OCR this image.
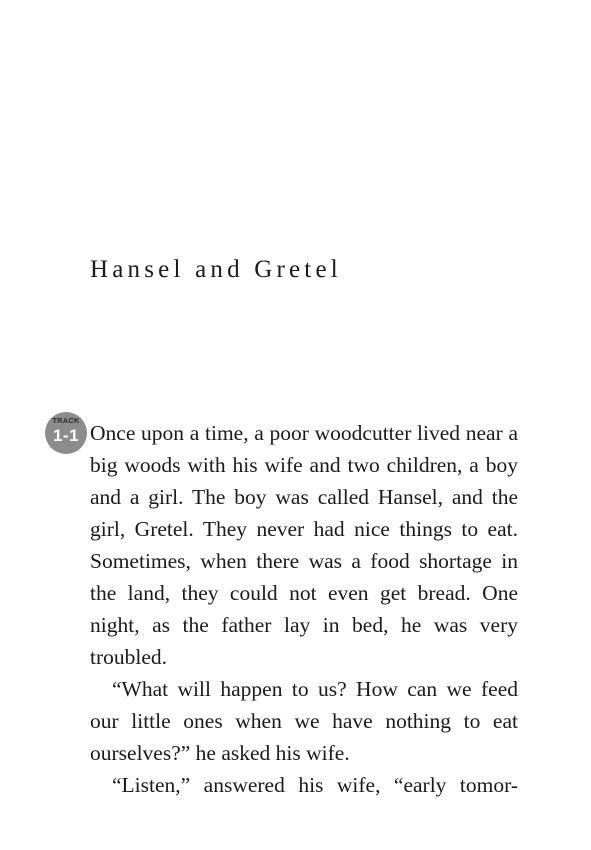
Hansel and Gretel
TRACK
1-1 Once upon a time, a poor woodcutter lived near a big woods with his wife and two children, a boy and a girl. The boy was called Hansel, and the girl, Gretel. They never had nice things to eat. Sometimes, when there was a food shortage in the land, they could not even get bread. One night, as the father lay in bed, he was very troubled.

“What will happen to us? How can we feed our little ones when we have nothing to eat ourselves?” he asked his wife.

“Listen,” answered his wife, “early tomor-
